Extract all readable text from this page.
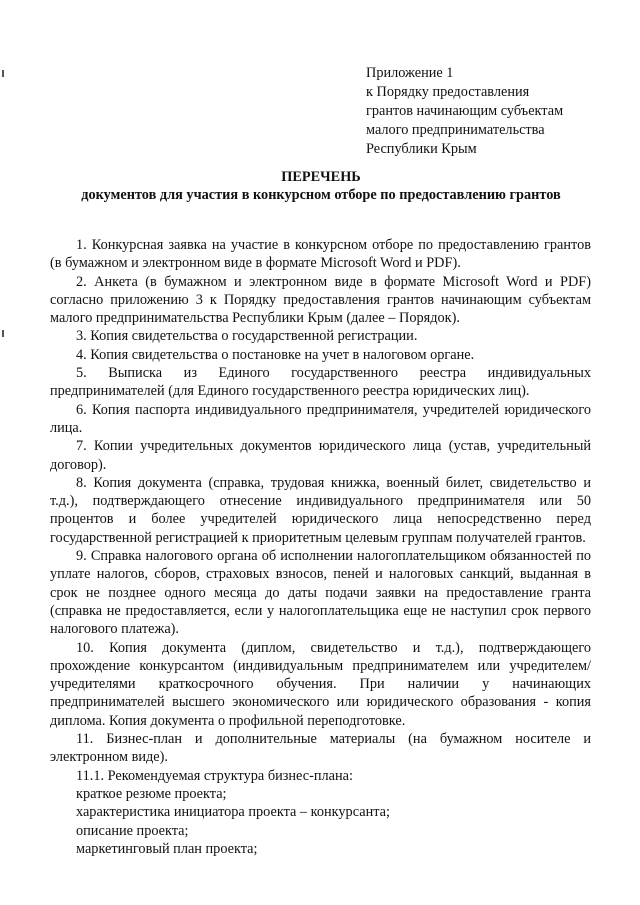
Приложение 1
к Порядку предоставления
грантов начинающим субъектам
малого предпринимательства
Республики Крым
ПЕРЕЧЕНЬ
документов для участия в конкурсном отборе по предоставлению грантов

1. Конкурсная заявка на участие в конкурсном отборе по предоставлению грантов (в бумажном и электронном виде в формате Microsoft Word и PDF).

2. Анкета (в бумажном и электронном виде в формате Microsoft Word и PDF) согласно приложению 3 к Порядку предоставления грантов начинающим субъектам малого предпринимательства Республики Крым (далее – Порядок).

3. Копия свидетельства о государственной регистрации.

4. Копия свидетельства о постановке на учет в налоговом органе.

5. Выписка из Единого государственного реестра индивидуальных предпринимателей (для Единого государственного реестра юридических лиц).

6. Копия паспорта индивидуального предпринимателя, учредителей юридического лица.

7. Копии учредительных документов юридического лица (устав, учредительный договор).

8. Копия документа (справка, трудовая книжка, военный билет, свидетельство и т.д.), подтверждающего отнесение индивидуального предпринимателя или 50 процентов и более учредителей юридического лица непосредственно перед государственной регистрацией к приоритетным целевым группам получателей грантов.

9. Справка налогового органа об исполнении налогоплательщиком обязанностей по уплате налогов, сборов, страховых взносов, пеней и налоговых санкций, выданная в срок не позднее одного месяца до даты подачи заявки на предоставление гранта (справка не предоставляется, если у налогоплательщика еще не наступил срок первого налогового платежа).

10. Копия документа (диплом, свидетельство и т.д.), подтверждающего прохождение конкурсантом (индивидуальным предпринимателем или учредителем/учредителями краткосрочного обучения. При наличии у начинающих предпринимателей высшего экономического или юридического образования - копия диплома. Копия документа о профильной переподготовке.

11. Бизнес-план и дополнительные материалы (на бумажном носителе и электронном виде).

11.1. Рекомендуемая структура бизнес-плана:

краткое резюме проекта;

характеристика инициатора проекта – конкурсанта;

описание проекта;

маркетинговый план проекта;
